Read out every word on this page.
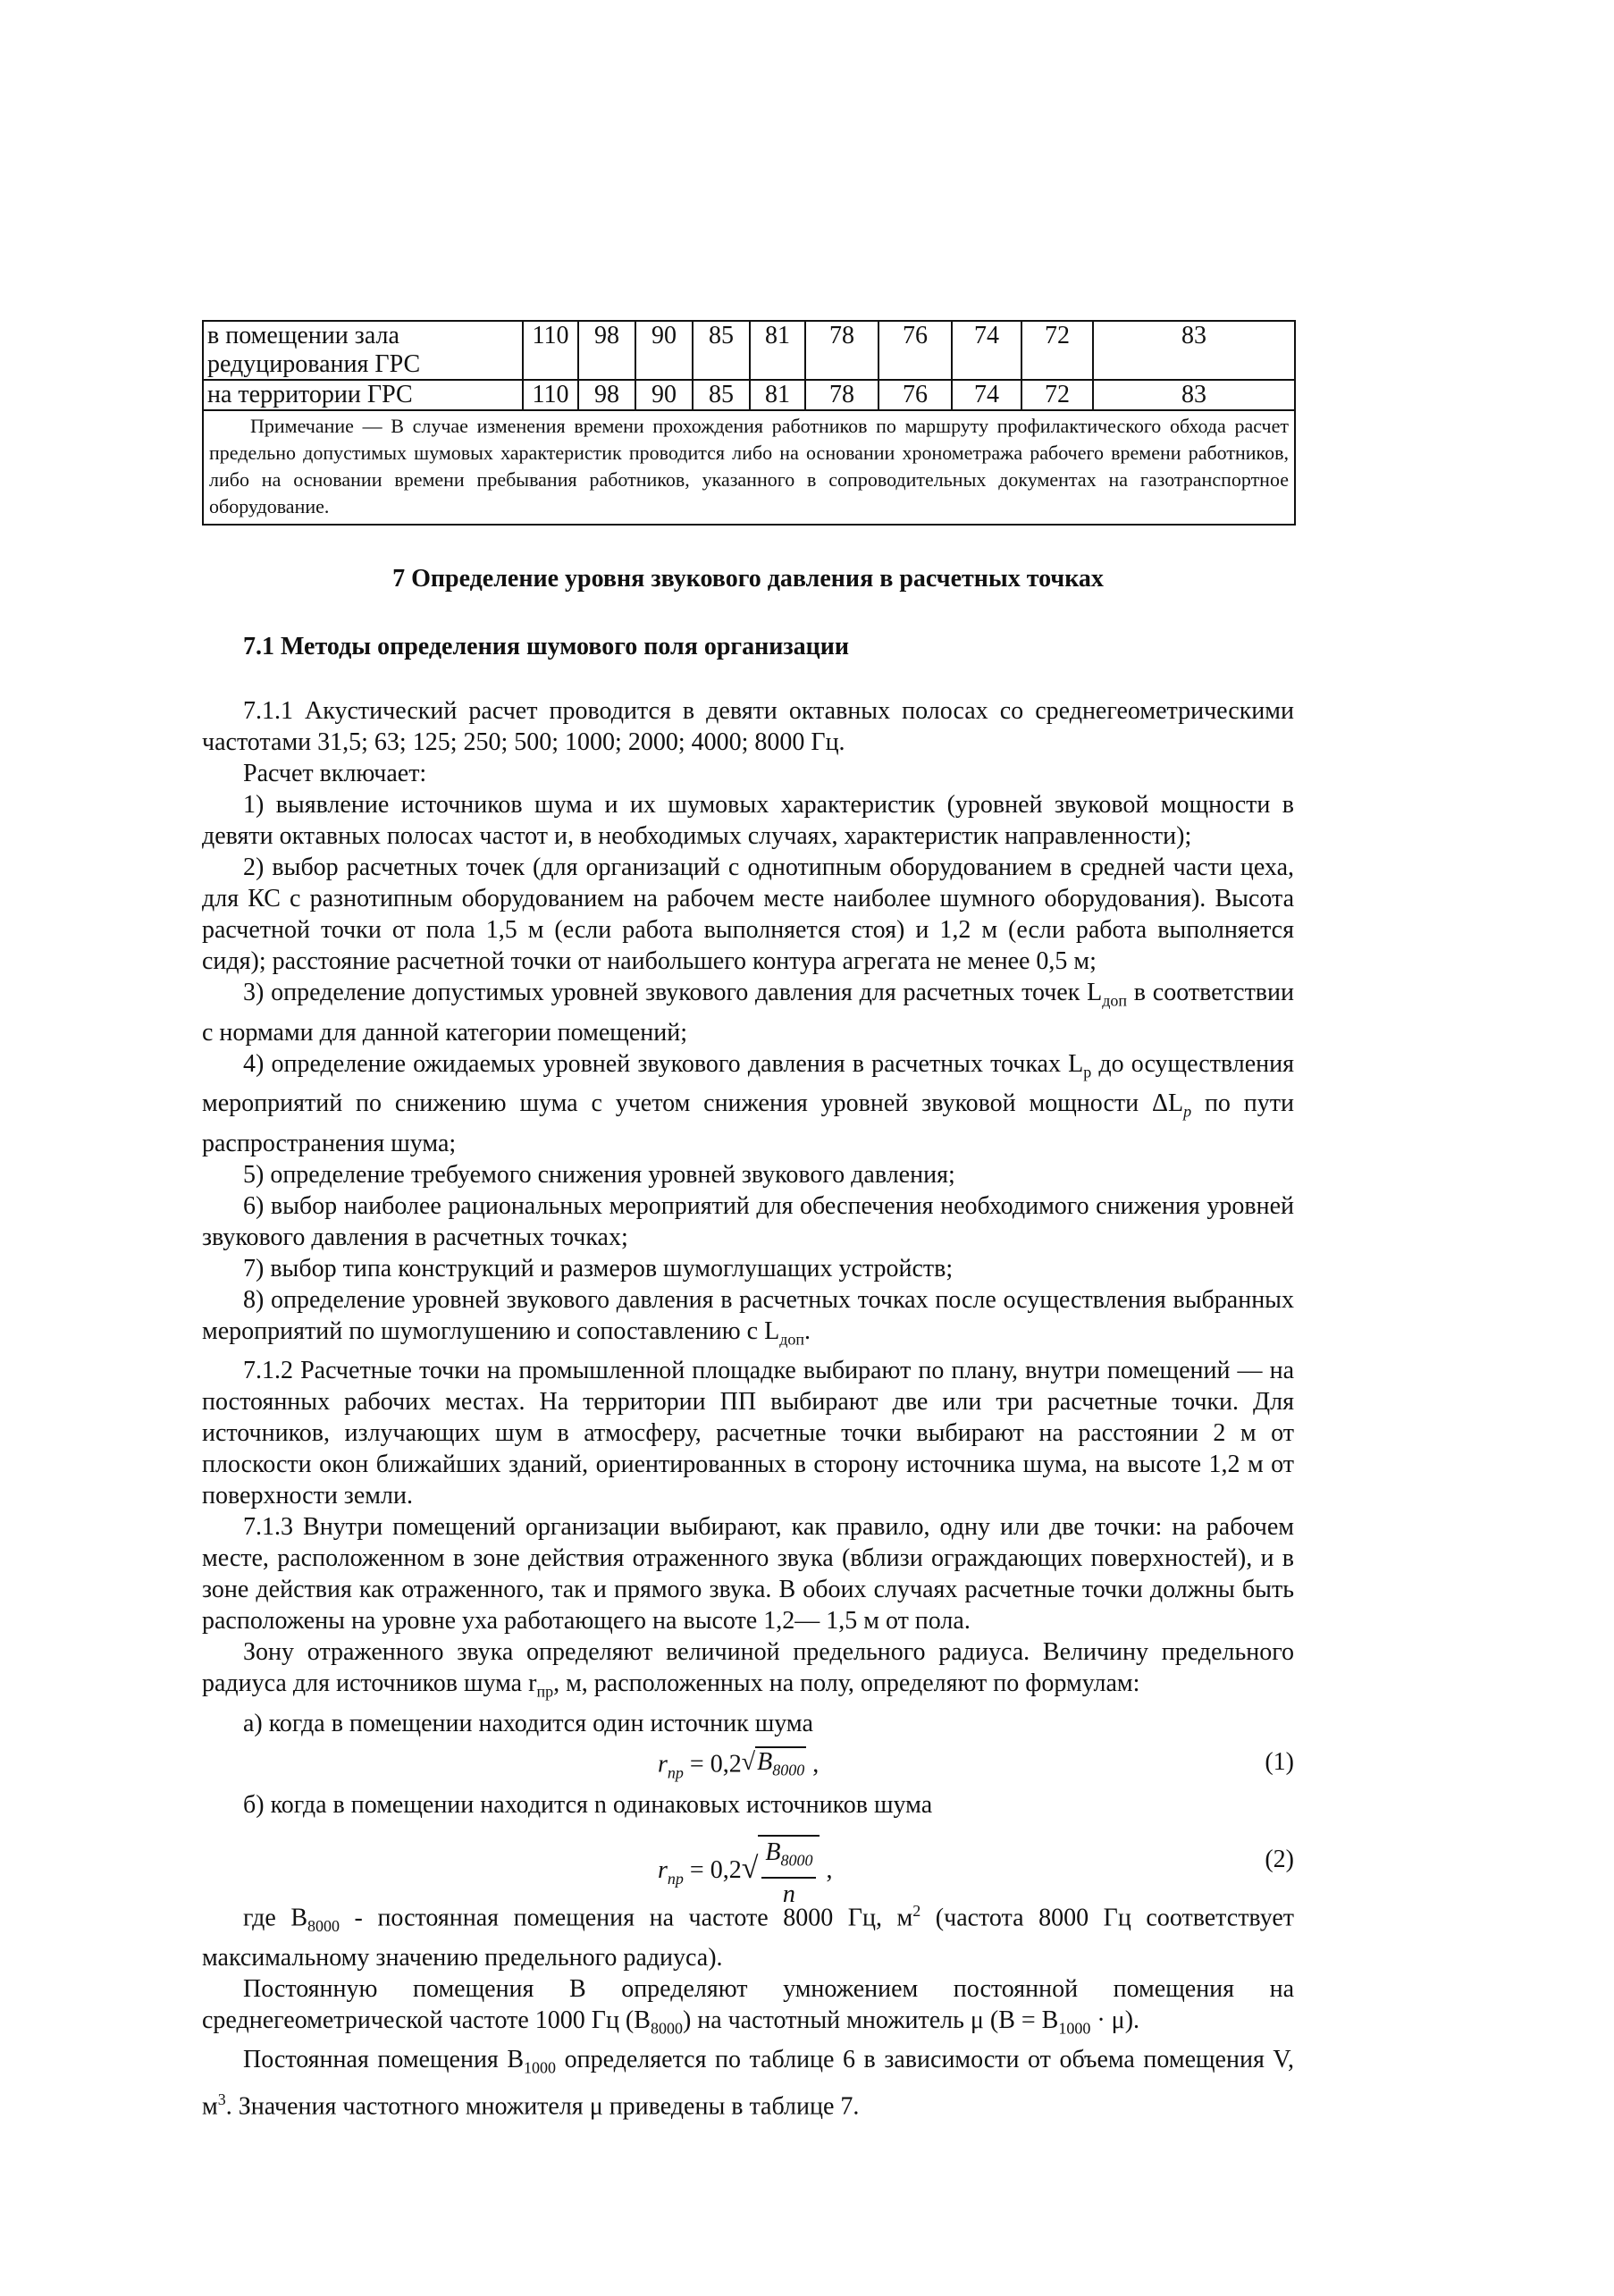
в помещении зала редуцирования ГРС	110	98	90	85	81	78	76	74	72	83
на территории ГРС	110	98	90	85	81	78	76	74	72	83

Примечание — В случае изменения времени прохождения работников по маршруту профилактического обхода расчет предельно допустимых шумовых характеристик проводится либо на основании хронометража рабочего времени работников, либо на основании времени пребывания работников, указанного в сопроводительных документах на газотранспортное оборудование.										
7 Определение уровня звукового давления в расчетных точках
7.1 Методы определения шумового поля организации

7.1.1 Акустический расчет проводится в девяти октавных полосах со среднегеометрическими частотами 31,5; 63; 125; 250; 500; 1000; 2000; 4000; 8000 Гц.

Расчет включает:

1) выявление источников шума и их шумовых характеристик (уровней звуковой мощности в девяти октавных полосах частот и, в необходимых случаях, характеристик направленности);

2) выбор расчетных точек (для организаций с однотипным оборудованием в средней части цеха, для КС с разнотипным оборудованием на рабочем месте наиболее шумного оборудования). Высота расчетной точки от пола 1,5 м (если работа выполняется стоя) и 1,2 м (если работа выполняется сидя); расстояние расчетной точки от наибольшего контура агрегата не менее 0,5 м;

3) определение допустимых уровней звукового давления для расчетных точек $L_{доп}$ в соответствии с нормами для данной категории помещений;

4) определение ожидаемых уровней звукового давления в расчетных точках $L_p$ до осуществления мероприятий по снижению шума с учетом снижения уровней звуковой мощности $\Delta L_p$ по пути распространения шума;

5) определение требуемого снижения уровней звукового давления;

6) выбор наиболее рациональных мероприятий для обеспечения необходимого снижения уровней звукового давления в расчетных точках;

7) выбор типа конструкций и размеров шумоглушащих устройств;

8) определение уровней звукового давления в расчетных точках после осуществления выбранных мероприятий по шумоглушению и сопоставлению с $L_{доп}$.

7.1.2 Расчетные точки на промышленной площадке выбирают по плану, внутри помещений — на постоянных рабочих местах. На территории ПП выбирают две или три расчетные точки. Для источников, излучающих шум в атмосферу, расчетные точки выбирают на расстоянии 2 м от плоскости окон ближайших зданий, ориентированных в сторону источника шума, на высоте 1,2 м от поверхности земли.

7.1.3 Внутри помещений организации выбирают, как правило, одну или две точки: на рабочем месте, расположенном в зоне действия отраженного звука (вблизи ограждающих поверхностей), и в зоне действия как отраженного, так и прямого звука. В обоих случаях расчетные точки должны быть расположены на уровне уха работающего на высоте 1,2— 1,5 м от пола.

Зону отраженного звука определяют величиной предельного радиуса. Величину предельного радиуса для источников шума $r_{пр}$, м, расположенных на полу, определяют по формулам:

а) когда в помещении находится один источник шума

$r_{пр} = 0,2√B_{8000}$ ,	(1)

б) когда в помещении находится n одинаковых источников шума

$r_{пр} = 0,2√ \frac{B_{8000}}{n}$ ,	(2)

где $B_{8000}$ - постоянная помещения на частоте 8000 Гц, $м^2$ (частота 8000 Гц соответствует максимальному значению предельного радиуса).

Постоянную помещения B определяют умножением постоянной помещения на среднегеометрической частоте 1000 Гц $(B_{8000})$ на частотный множитель μ $(B = B_{1000} \cdot \mu)$.

Постоянная помещения $B_{1000}$ определяется по таблице 6 в зависимости от объема помещения V, $м^3$. Значения частотного множителя μ приведены в таблице 7.
